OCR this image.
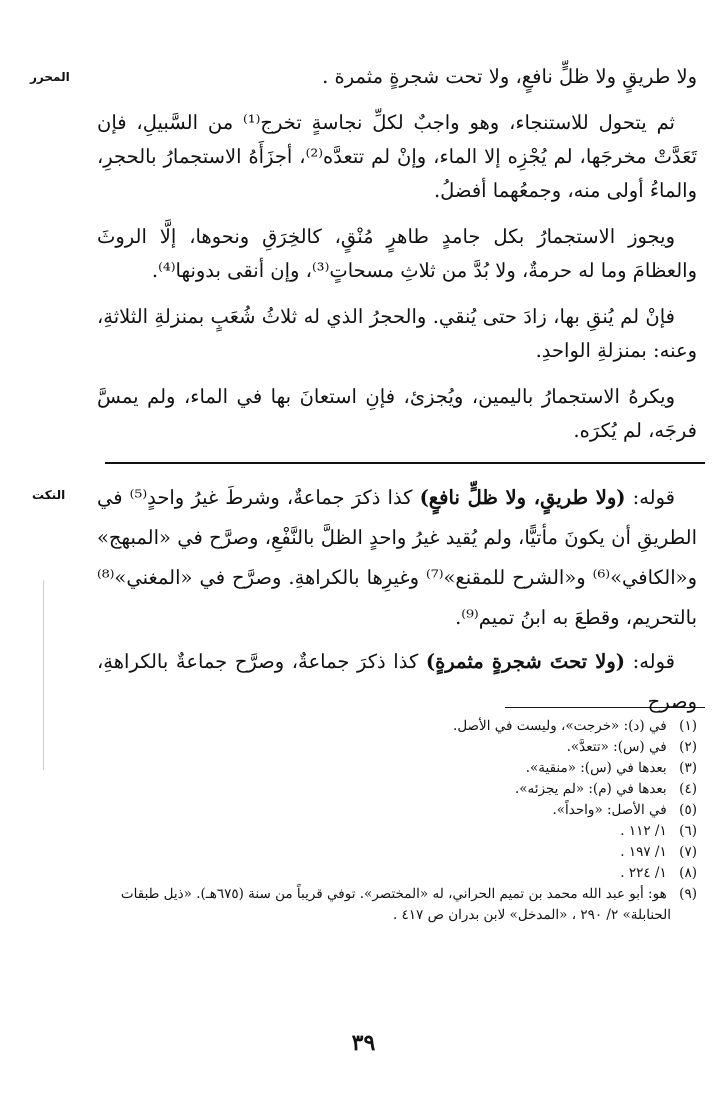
المحرر	ولا طريقٍ ولا ظلٍّ نافعٍ، ولا تحت شجرةٍ مثمرة .

ثم يتحول للاستنجاء، وهو واجبٌ لكلِّ نجاسةٍ تخرج⁽¹⁾ من السَّبيلِ، فإن تَعَدَّتْ مخرجَها، لم يُجْزِه إلا الماء، وإنْ لم تتعدَّه⁽²⁾، أجزَأَهُ الاستجمارُ بالحجرِ، والماءُ أولى منه، وجمعُهما أفضلُ.

ويجوز الاستجمارُ بكل جامدٍ طاهرٍ مُنْقٍ، كالخِرَقِ ونحوها، إلَّا الروثَ والعظامَ وما له حرمةٌ، ولا بُدَّ من ثلاثِ مسحاتٍ⁽³⁾، وإن أنقى بدونها⁽⁴⁾.

فإنْ لم يُنقِ بها، زادَ حتى يُنقي. والحجرُ الذي له ثلاثُ شُعَبٍ بمنزلةِ الثلاثةِ، وعنه: بمنزلةِ الواحدِ.

ويكرهُ الاستجمارُ باليمين، ويُجزئ، فإنِ استعانَ بها في الماء، ولم يمسَّ فرجَه، لم يُكرَه.

النكت	قوله: (ولا طريقٍ، ولا ظلٍّ نافعٍ) كذا ذكرَ جماعةٌ، وشرطَ غيرُ واحدٍ⁽⁵⁾ في الطريقِ أن يكونَ مأتيًّا، ولم يُقيد غيرُ واحدٍ الظلَّ بالنَّفْعِ، وصرَّح في «المبهج» و«الكافي»⁽⁶⁾ و«الشرح للمقنع»⁽⁷⁾ وغيرِها بالكراهةِ. وصرَّح في «المغني»⁽⁸⁾ بالتحريم، وقطعَ به ابنُ تميم⁽⁹⁾.

قوله: (ولا تحتَ شجرةٍ مثمرةٍ) كذا ذكرَ جماعةٌ، وصرَّح جماعةٌ بالكراهةِ، وصرح

(١) في (د): «خرجت»، وليست في الأصل.
(٢) في (س): «تتعدَّ».
(٣) بعدها في (س): «منقية».
(٤) بعدها في (م): «لم يجزئه».
(٥) في الأصل: «واحداً».
(٦) ١/ ١١٢ .
(٧) ١/ ١٩٧ .
(٨) ١/ ٢٢٤ .
(٩) هو: أبو عبد الله محمد بن تميم الحراني، له «المختصر». توفي قريباً من سنة (٦٧٥هـ). «ذيل طبقات
الحنابلة» ٢/ ٢٩٠ ، «المدخل» لابن بدران ص ٤١٧ .
٣٩
